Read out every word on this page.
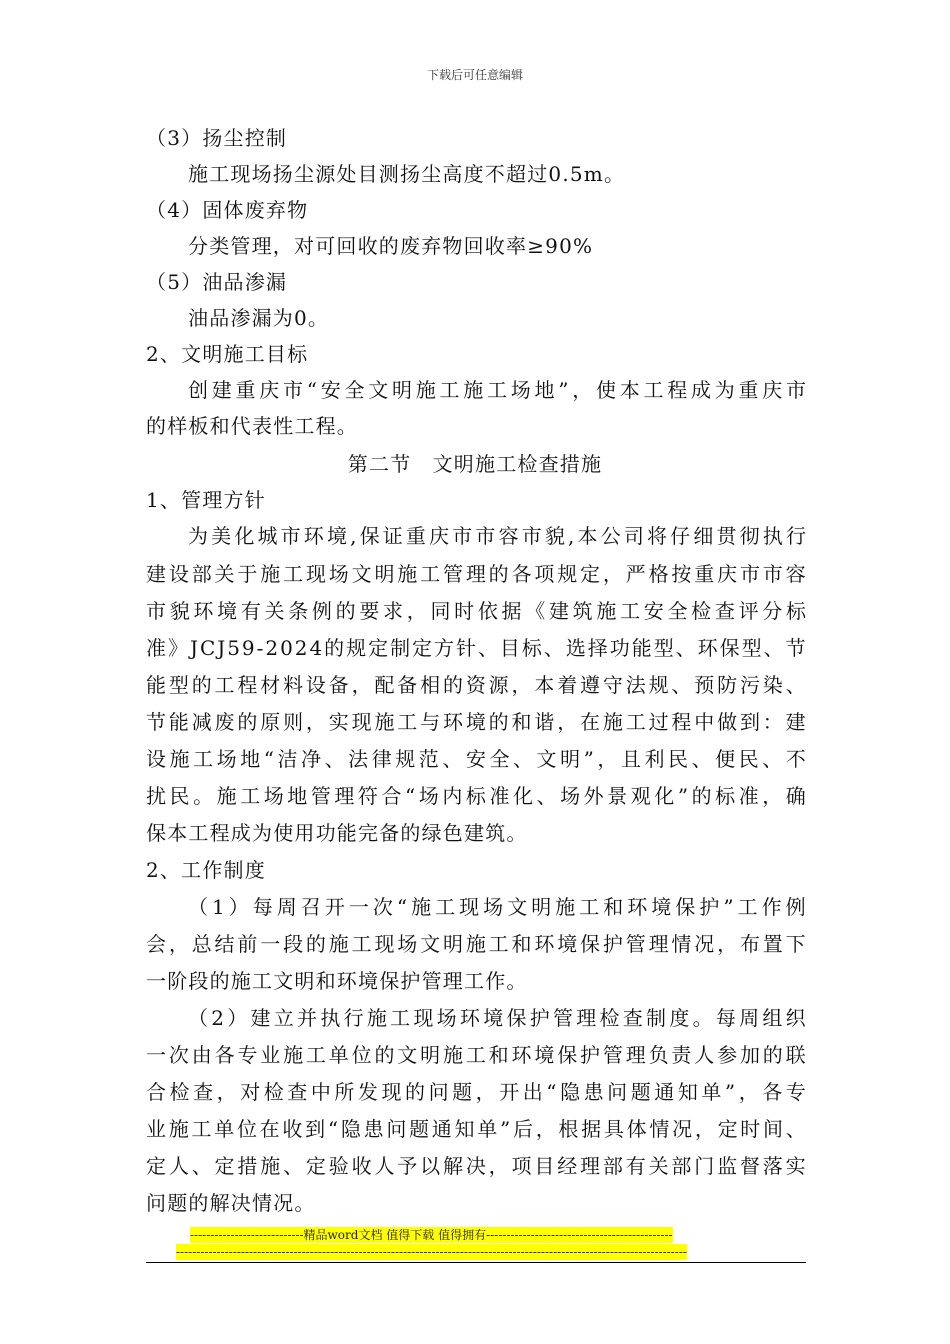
下载后可任意编辑
（3）扬尘控制
施工现场扬尘源处目测扬尘高度不超过0.5m。
（4）固体废弃物
分类管理，对可回收的废弃物回收率≥90%
（5）油品渗漏
油品渗漏为0。
2、文明施工目标
创 建 重 庆 市 “ 安 全 文 明 施 工 施 工 场 地 ” ， 使 本 工 程 成 为 重 庆 市
的样板和代表性工程。
第二节　文明施工检查措施
1、管理方针
为 美 化 城 市 环 境 , 保 证 重 庆 市 市 容 市 貌 , 本 公 司 将 仔 细 贯 彻 执 行
建 设 部 关 于 施 工 现 场 文 明 施 工 管 理 的 各 项 规 定 ， 严 格 按 重 庆 市 市 容
市 貌 环 境 有 关 条 例 的 要 求 ， 同 时 依 据 《 建 筑 施 工 安 全 检 查 评 分 标
准 》 J C J 5 9 - 2 0 2 4 的 规 定 制 定 方 针 、 目 标 、 选 择 功 能 型 、 环 保 型 、 节
能 型 的 工 程 材 料 设 备 ， 配 备 相 的 资 源 ， 本 着 遵 守 法 规 、 预 防 污 染 、
节 能 减 废 的 原 则 ， 实 现 施 工 与 环 境 的 和 谐 ， 在 施 工 过 程 中 做 到 ： 建
设 施 工 场 地 “ 洁 净 、 法 律 规 范 、 安 全 、 文 明 ” ， 且 利 民 、 便 民 、 不
扰 民 。 施 工 场 地 管 理 符 合 “ 场 内 标 准 化 、 场 外 景 观 化 ” 的 标 准 ， 确
保本工程成为使用功能完备的绿色建筑。
2、工作制度
（ 1 ） 每 周 召 开 一 次 “ 施 工 现 场 文 明 施 工 和 环 境 保 护 ” 工 作 例
会 ， 总 结 前 一 段 的 施 工 现 场 文 明 施 工 和 环 境 保 护 管 理 情 况 ， 布 置 下
一阶段的施工文明和环境保护管理工作。
（ 2 ） 建 立 并 执 行 施 工 现 场 环 境 保 护 管 理 检 查 制 度 。 每 周 组 织
一 次 由 各 专 业 施 工 单 位 的 文 明 施 工 和 环 境 保 护 管 理 负 责 人 参 加 的 联
合 检 查 ， 对 检 查 中 所 发 现 的 问 题 ， 开 出 “ 隐 患 问 题 通 知 单 ” ， 各 专
业 施 工 单 位 在 收 到 “ 隐 患 问 题 通 知 单 ” 后 ， 根 据 具 体 情 况 ， 定 时 间 、
定 人 、 定 措 施 、 定 验 收 人 予 以 解 决 ， 项 目 经 理 部 有 关 部 门 监 督 落 实
问题的解决情况。
----------------------------精品word文档 值得下载 值得拥有----------------------------------------------
------------------------------------------------------------------------------------------------------------------------------
